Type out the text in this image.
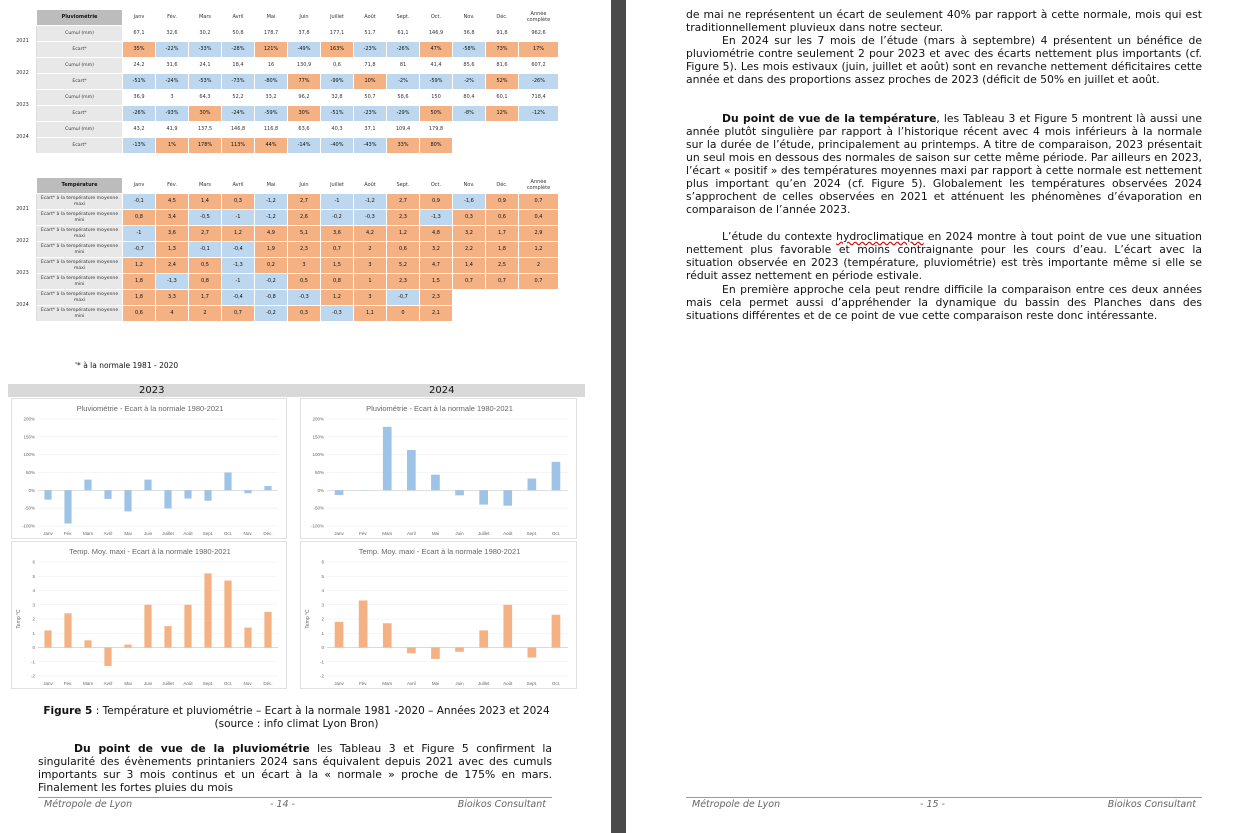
	Pluviométrie	Janv	Fév.	Mars	Avril	Mai	Juin	Juillet	Août	Sept.	Oct.	Nov.	Déc.	Année complète
2021	Cumul (mm)	67,1	32,6	30,2	50,8	178,7	37,8	177,1	51,7	61,1	146,9	36,8	91,8	962,6
	Ecart*	35%	-22%	-33%	-28%	121%	-49%	163%	-23%	-26%	47%	-58%	73%	17%
2022	Cumul (mm)	24,2	31,6	24,1	18,4	16	130,9	0,6	71,8	81	41,4	85,6	81,6	607,2
	Ecart*	-51%	-24%	-53%	-73%	-80%	77%	-99%	10%	-2%	-59%	-2%	52%	-26%
2023	Cumul (mm)	36,9	3	64,3	52,2	33,2	96,2	32,8	50,7	58,6	150	80,4	60,1	718,4
	Ecart*	-26%	-93%	30%	-24%	-59%	30%	-51%	-23%	-29%	50%	-8%	12%	-12%
2024	Cumul (mm)	43,2	41,9	137,5	146,8	116,8	63,6	40,3	37,1	109,4	179,8			
	Ecart*	-13%	1%	178%	113%	44%	-14%	-40%	-43%	33%	80%			
	Température	Janv	Fév.	Mars	Avril	Mai	Juin	Juillet	Août	Sept.	Oct.	Nov.	Déc.	Année complète
2021	Ecart* à la température moyenne maxi	-0,1	4,5	1,4	0,3	-1,2	2,7	-1	-1,2	2,7	0,9	-1,6	0,9	0,7
	Ecart* à la température moyenne mini	0,8	3,4	-0,5	-1	-1,2	2,6	-0,2	-0,3	2,3	-1,3	0,3	0,6	0,4
2022	Ecart* à la température moyenne maxi	-1	3,6	2,7	1,2	4,9	5,1	3,6	4,2	1,2	4,8	3,2	1,7	2,9
	Ecart* à la température moyenne mini	-0,7	1,3	-0,1	-0,4	1,9	2,3	0,7	2	0,6	3,2	2,2	1,8	1,2
2023	Ecart* à la température moyenne maxi	1,2	2,4	0,5	-1,3	0,2	3	1,5	3	5,2	4,7	1,4	2,5	2
	Ecart* à la température moyenne mini	1,8	-1,3	0,8	-1	-0,2	0,5	0,8	1	2,3	1,5	0,7	0,7	0,7
2024	Ecart* à la température moyenne maxi	1,8	3,3	1,7	-0,4	-0,8	-0,3	1,2	3	-0,7	2,3			
	Ecart* à la température moyenne mini	0,6	4	2	0,7	-0,2	0,3	-0,3	1,1	0	2,1			
'* à la normale 1981 - 2020
2023	2024
Pluviométrie - Ecart à la normale 1980-2021
-100%
-50%
0%
50%
100%
150%
200%
Janv Fév. Mars Avril	Mai	Juin Juillet Août Sept. Oct.	Nov. Déc.
Pluviométrie - Ecart à la normale 1980-2021
-100%
-50%
0%
50%
100%
150%
200%
Janv	Fév.	Mars	Avril	Mai	Juin	Juillet	Août	Sept.	Oct.
Temp. Moy. maxi - Ecart à la normale 1980-2021
-2
-1
0
1
2
3
4
5
6
Temp °C
Janv Fév. Mars Avril	Mai	Juin Juillet Août Sept. Oct.	Nov. Déc.
Temp. Moy. maxi - Ecart à la normale 1980-2021
-2
-1
0
1
2
3
4
5
6
Temp °C
Janv	Fév.	Mars	Avril	Mai	Juin	Juillet	Août	Sept.	Oct.
Figure 5 : Température et pluviométrie – Ecart à la normale 1981 -2020 – Années 2023 et 2024
(source : info climat Lyon Bron)
Du point de vue de la pluviométrie les Tableau 3 et Figure 5 confirment la singularité des évènements printaniers 2024 sans équivalent depuis 2021 avec des cumuls importants sur 3 mois continus et un écart à la « normale » proche de 175% en mars. Finalement les fortes pluies du mois
Métropole de Lyon	- 14 -	Bioikos Consultant
de mai ne représentent un écart de seulement 40% par rapport à cette normale, mois qui est traditionnellement pluvieux dans notre secteur.
En 2024 sur les 7 mois de l’étude (mars à septembre) 4 présentent un bénéfice de pluviométrie contre seulement 2 pour 2023 et avec des écarts nettement plus importants (cf. Figure 5). Les mois estivaux (juin, juillet et août) sont en revanche nettement déficitaires cette année et dans des proportions assez proches de 2023 (déficit de 50% en juillet et août.
Du point de vue de la température, les Tableau 3 et Figure 5 montrent là aussi une année plutôt singulière par rapport à l’historique récent avec 4 mois inférieurs à la normale sur la durée de l’étude, principalement au printemps. A titre de comparaison, 2023 présentait un seul mois en dessous des normales de saison sur cette même période. Par ailleurs en 2023, l’écart « positif » des températures moyennes maxi par rapport à cette normale est nettement plus important qu’en 2024 (cf. Figure 5). Globalement les températures observées 2024 s’approchent de celles observées en 2021 et atténuent les phénomènes d’évaporation en comparaison de l’année 2023.
L’étude du contexte hydroclimatique en 2024 montre à tout point de vue une situation nettement plus favorable et moins contraignante pour les cours d’eau. L’écart avec la situation observée en 2023 (température, pluviométrie) est très importante même si elle se réduit assez nettement en période estivale.
En première approche cela peut rendre difficile la comparaison entre ces deux années mais cela permet aussi d’appréhender la dynamique du bassin des Planches dans des situations différentes et de ce point de vue cette comparaison reste donc intéressante.
Métropole de Lyon	- 15 -	Bioikos Consultant
